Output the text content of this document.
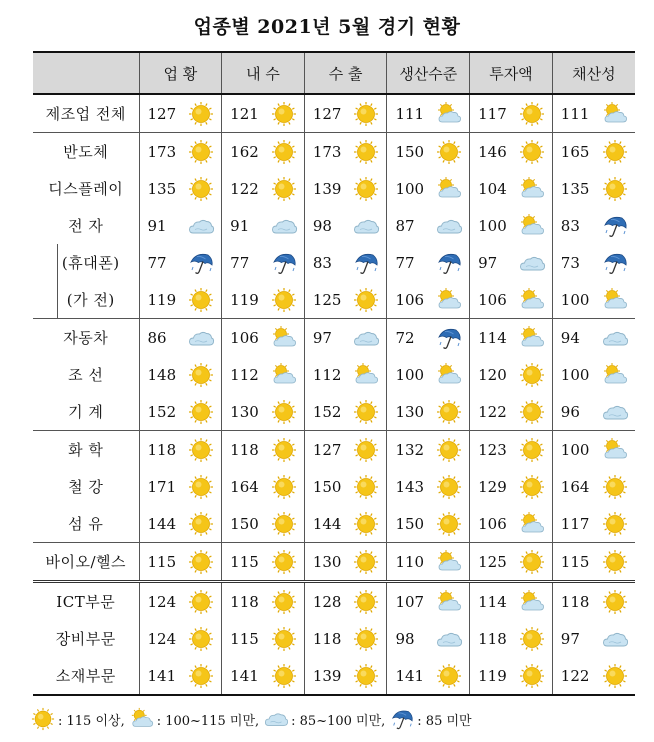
업종별 2021년 5월 경기 현황
	업 황	내 수	수 출	생산수준	투자액	채산성
제조업 전체	127	121	127	111	117	111

반도체	173	162	173	150	146	165

디스플레이	135	122	139	100	104	135

전 자	91	91	98	87	100	83

(휴대폰)	77	77	83	77	97	73

(가 전)	119	119	125	106	106	100

자동차	86	106	97	72	114	94

조 선	148	112	112	100	120	100

기 계	152	130	152	130	122	96

화 학	118	118	127	132	123	100

철 강	171	164	150	143	129	164

섬 유	144	150	144	150	106	117

바이오/헬스	115	115	130	110	125	115

ICT부문	124	118	128	107	114	118

장비부문	124	115	118	98	118	97

소재부문	141	141	139	141	119	122
: 115 이상, : 100~115 미만, : 85~100 미만, : 85 미만
